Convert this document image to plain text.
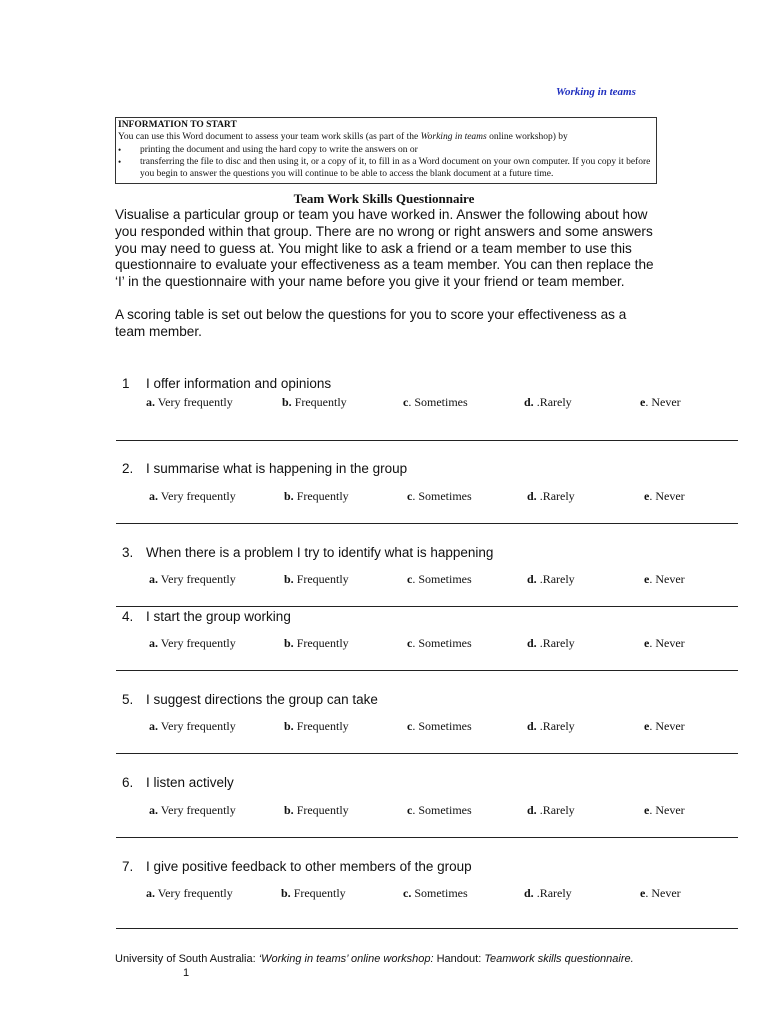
Working in teams
INFORMATION TO START
You can use this Word document to assess your team work skills (as part of the Working in teams online workshop) by
• printing the document and using the hard copy to write the answers on or
• transferring the file to disc and then using it, or a copy of it, to fill in as a Word document on your own computer. If you copy it before you begin to answer the questions you will continue to be able to access the blank document at a future time.
Team Work Skills Questionnaire

Visualise a particular group or team you have worked in. Answer the following about how you responded within that group. There are no wrong or right answers and some answers you may need to guess at. You might like to ask a friend or a team member to use this questionnaire to evaluate your effectiveness as a team member. You can then replace the ‘I’ in the questionnaire with your name before you give it your friend or team member.

A scoring table is set out below the questions for you to score your effectiveness as a team member.

1 I offer information and opinions
a. Very frequently	b. Frequently	c. Sometimes	d. .Rarely	e. Never
2. I summarise what is happening in the group
a. Very frequently	b. Frequently	c. Sometimes	d. .Rarely	e. Never
3. When there is a problem I try to identify what is happening
a. Very frequently	b. Frequently	c. Sometimes	d. .Rarely	e. Never
4. I start the group working
a. Very frequently	b. Frequently	c. Sometimes	d. .Rarely	e. Never
5. I suggest directions the group can take
a. Very frequently	b. Frequently	c. Sometimes	d. .Rarely	e. Never
6. I listen actively
a. Very frequently	b. Frequently	c. Sometimes	d. .Rarely	e. Never
7. I give positive feedback to other members of the group
a. Very frequently	b. Frequently	c. Sometimes	d. .Rarely	e. Never
University of South Australia: ‘Working in teams’ online workshop: Handout: Teamwork skills questionnaire.1
